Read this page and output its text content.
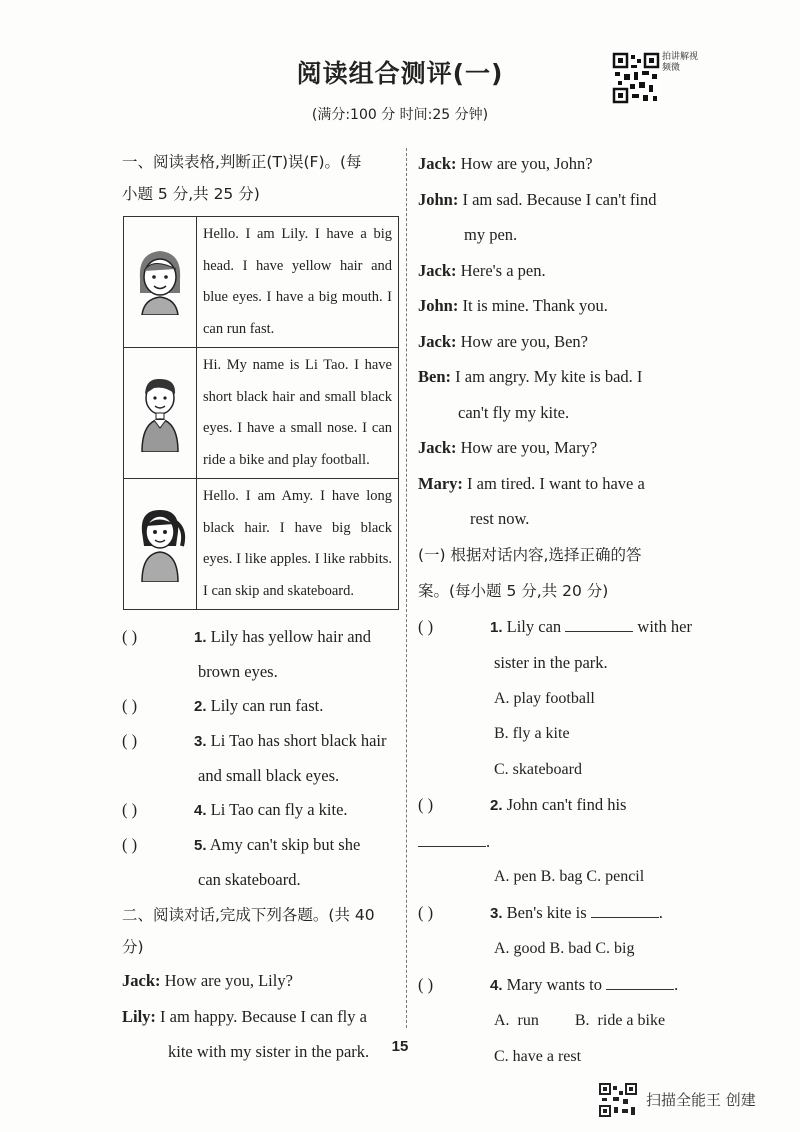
阅读组合测评(一)
(满分:100 分 时间:25 分钟)
拍讲解视频微
一、阅读表格,判断正(T)误(F)。(每
小题 5 分,共 25 分)
	Hello. I am Lily. I have a big head. I have yellow hair and blue eyes. I have a big mouth. I can run fast.
	Hi. My name is Li Tao. I have short black hair and small black eyes. I have a small nose. I can ride a bike and play football.
	Hello. I am Amy. I have long black hair. I have big black eyes. I like apples. I like rabbits. I can skip and skateboard.
( )	1. Lily has yellow hair and
brown eyes.
( )	2. Lily can run fast.
( )	3. Li Tao has short black hair
and small black eyes.
( )	4. Li Tao can fly a kite.
( )	5. Amy can't skip but she
can skateboard.
二、阅读对话,完成下列各题。(共 40 分)
Jack: How are you, Lily?
Lily: I am happy. Because I can fly a
kite with my sister in the park.
Jack: How are you, John?
John: I am sad. Because I can't find
my pen.
Jack: Here's a pen.
John: It is mine. Thank you.
Jack: How are you, Ben?
Ben: I am angry. My kite is bad. I
can't fly my kite.
Jack: How are you, Mary?
Mary: I am tired. I want to have a
rest now.
(一) 根据对话内容,选择正确的答
案。(每小题 5 分,共 20 分)
( )	1. Lily can	with her
sister in the park.
A. play football
B. fly a kite
C. skateboard
( )	2. John can't find his .
A. pen B. bag C. pencil
( )	3. Ben's kite is	.
A. good B. bad C. big
( )	4. Mary wants to	.
A.  run         B.  ride a bike
C. have a rest
15
扫描全能王 创建
